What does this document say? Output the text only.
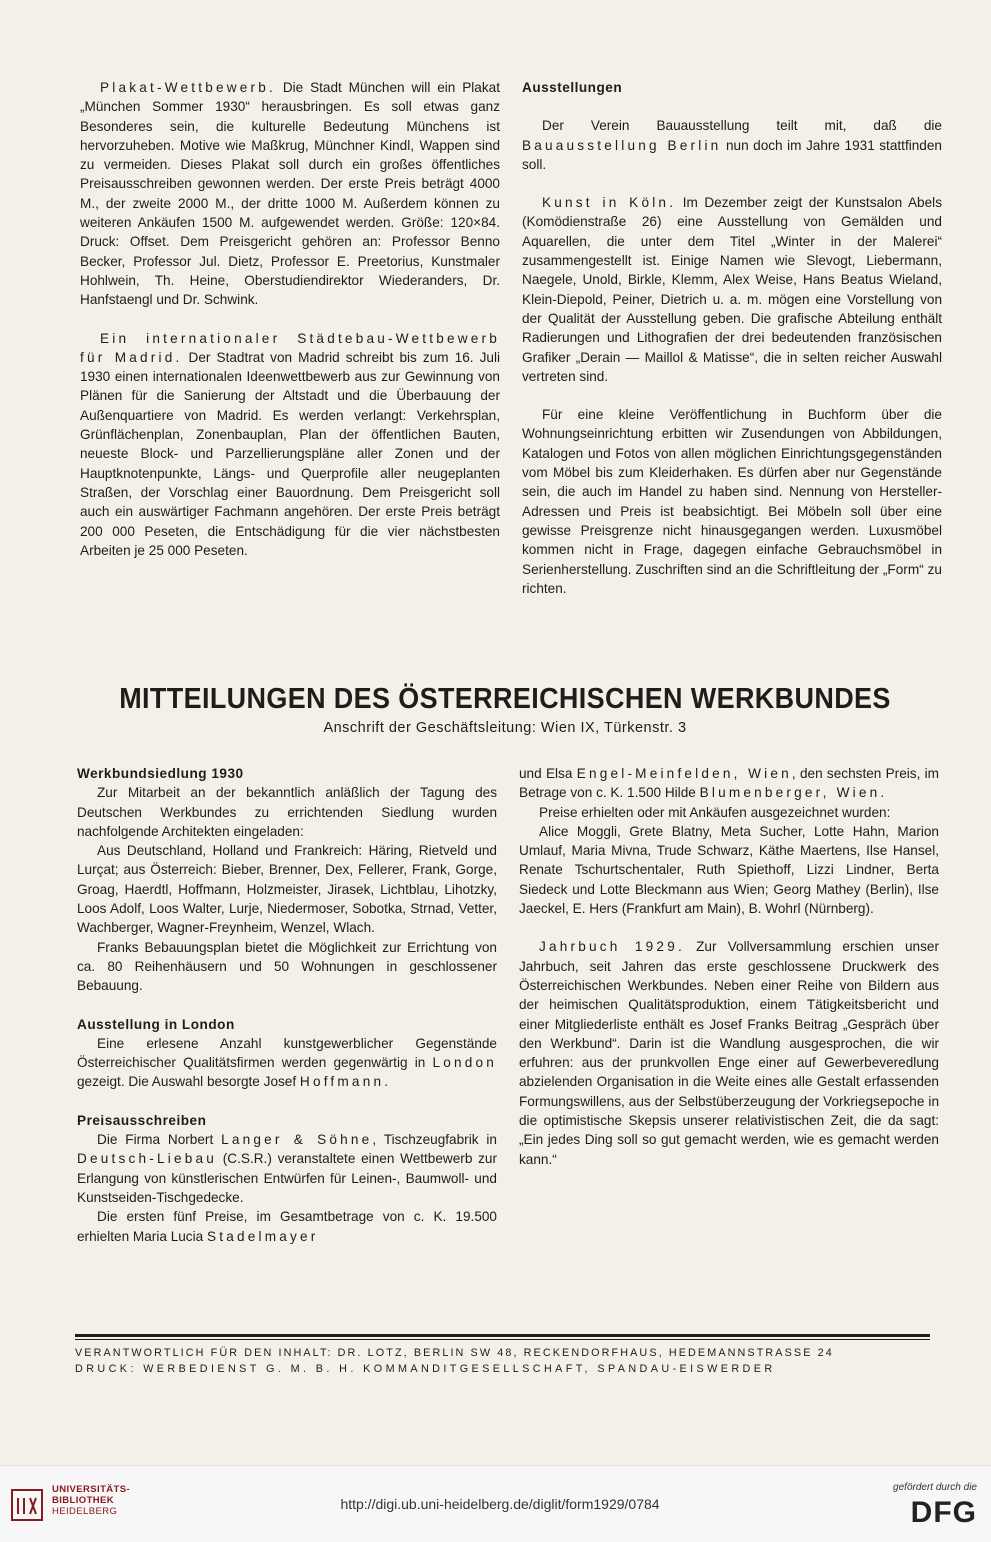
Plakat-Wettbewerb. Die Stadt München will ein Plakat „München Sommer 1930“ herausbringen. Es soll etwas ganz Besonderes sein, die kulturelle Bedeutung Münchens ist hervorzuheben. Motive wie Maßkrug, Münchner Kindl, Wappen sind zu vermeiden. Dieses Plakat soll durch ein großes öffentliches Preisausschreiben gewonnen werden. Der erste Preis beträgt 4000 M., der zweite 2000 M., der dritte 1000 M. Außerdem können zu weiteren Ankäufen 1500 M. aufgewendet werden. Größe: 120×84. Druck: Offset. Dem Preisgericht gehören an: Professor Benno Becker, Professor Jul. Dietz, Professor E. Preetorius, Kunstmaler Hohlwein, Th. Heine, Oberstudiendirektor Wiederanders, Dr. Hanfstaengl und Dr. Schwink.

Ein internationaler Städtebau-Wettbewerb für Madrid. Der Stadtrat von Madrid schreibt bis zum 16. Juli 1930 einen internationalen Ideenwettbewerb aus zur Gewinnung von Plänen für die Sanierung der Altstadt und die Überbauung der Außenquartiere von Madrid. Es werden verlangt: Verkehrsplan, Grünflächenplan, Zonenbauplan, Plan der öffentlichen Bauten, neueste Block- und Parzellierungspläne aller Zonen und der Hauptknotenpunkte, Längs- und Querprofile aller neugeplanten Straßen, der Vorschlag einer Bauordnung. Dem Preisgericht soll auch ein auswärtiger Fachmann angehören. Der erste Preis beträgt 200 000 Peseten, die Entschädigung für die vier nächstbesten Arbeiten je 25 000 Peseten.

Ausstellungen

Der Verein Bauausstellung teilt mit, daß die Bauausstellung Berlin nun doch im Jahre 1931 stattfinden soll.

Kunst in Köln. Im Dezember zeigt der Kunstsalon Abels (Komödienstraße 26) eine Ausstellung von Gemälden und Aquarellen, die unter dem Titel „Winter in der Malerei“ zusammengestellt ist. Einige Namen wie Slevogt, Liebermann, Naegele, Unold, Birkle, Klemm, Alex Weise, Hans Beatus Wieland, Klein-Diepold, Peiner, Dietrich u. a. m. mögen eine Vorstellung von der Qualität der Ausstellung geben. Die grafische Abteilung enthält Radierungen und Lithografien der drei bedeutenden französischen Grafiker „Derain — Maillol & Matisse“, die in selten reicher Auswahl vertreten sind.

Für eine kleine Veröffentlichung in Buchform über die Wohnungseinrichtung erbitten wir Zusendungen von Abbildungen, Katalogen und Fotos von allen möglichen Einrichtungsgegenständen vom Möbel bis zum Kleiderhaken. Es dürfen aber nur Gegenstände sein, die auch im Handel zu haben sind. Nennung von Hersteller-Adressen und Preis ist beabsichtigt. Bei Möbeln soll über eine gewisse Preisgrenze nicht hinausgegangen werden. Luxusmöbel kommen nicht in Frage, dagegen einfache Gebrauchsmöbel in Serienherstellung. Zuschriften sind an die Schriftleitung der „Form“ zu richten.

MITTEILUNGEN DES ÖSTERREICHISCHEN WERKBUNDES

Anschrift der Geschäftsleitung: Wien IX, Türkenstr. 3

Werkbundsiedlung 1930

Zur Mitarbeit an der bekanntlich anläßlich der Tagung des Deutschen Werkbundes zu errichtenden Siedlung wurden nachfolgende Architekten eingeladen:

Aus Deutschland, Holland und Frankreich: Häring, Rietveld und Lurçat; aus Österreich: Bieber, Brenner, Dex, Fellerer, Frank, Gorge, Groag, Haerdtl, Hoffmann, Holzmeister, Jirasek, Lichtblau, Lihotzky, Loos Adolf, Loos Walter, Lurje, Niedermoser, Sobotka, Strnad, Vetter, Wachberger, Wagner-Freynheim, Wenzel, Wlach.

Franks Bebauungsplan bietet die Möglichkeit zur Errichtung von ca. 80 Reihenhäusern und 50 Wohnungen in geschlossener Bebauung.

Ausstellung in London

Eine erlesene Anzahl kunstgewerblicher Gegenstände Österreichischer Qualitätsfirmen werden gegenwärtig in London gezeigt. Die Auswahl besorgte Josef Hoffmann.

Preisausschreiben

Die Firma Norbert Langer & Söhne, Tischzeugfabrik in Deutsch-Liebau (C.S.R.) veranstaltete einen Wettbewerb zur Erlangung von künstlerischen Entwürfen für Leinen-, Baumwoll- und Kunstseiden-Tischgedecke.

Die ersten fünf Preise, im Gesamtbetrage von c. K. 19.500 erhielten Maria Lucia Stadelmayer

und Elsa Engel-Meinfelden, Wien, den sechsten Preis, im Betrage von c. K. 1.500 Hilde Blumenberger, Wien.

Preise erhielten oder mit Ankäufen ausgezeichnet wurden:

Alice Moggli, Grete Blatny, Meta Sucher, Lotte Hahn, Marion Umlauf, Maria Mivna, Trude Schwarz, Käthe Maertens, Ilse Hansel, Renate Tschurtschentaler, Ruth Spiethoff, Lizzi Lindner, Berta Siedeck und Lotte Bleckmann aus Wien; Georg Mathey (Berlin), Ilse Jaeckel, E. Hers (Frankfurt am Main), B. Wohrl (Nürnberg).

Jahrbuch 1929. Zur Vollversammlung erschien unser Jahrbuch, seit Jahren das erste geschlossene Druckwerk des Österreichischen Werkbundes. Neben einer Reihe von Bildern aus der heimischen Qualitätsproduktion, einem Tätigkeitsbericht und einer Mitgliederliste enthält es Josef Franks Beitrag „Gespräch über den Werkbund“. Darin ist die Wandlung ausgesprochen, die wir erfuhren: aus der prunkvollen Enge einer auf Gewerbeveredlung abzielenden Organisation in die Weite eines alle Gestalt erfassenden Formungswillens, aus der Selbstüberzeugung der Vorkriegsepoche in die optimistische Skepsis unserer relativistischen Zeit, die da sagt: „Ein jedes Ding soll so gut gemacht werden, wie es gemacht werden kann.“

VERANTWORTLICH FÜR DEN INHALT: DR. LOTZ, BERLIN SW 48, RECKENDORFHAUS, HEDEMANNSTRASSE 24

DRUCK: WERBEDIENST G. M. B. H. KOMMANDITGESELLSCHAFT, SPANDAU-EISWERDER

UNIVERSITÄTS-
BIBLIOTHEK
HEIDELBERG	http://digi.ub.uni-heidelberg.de/diglit/form1929/0784
gefördert durch die
DFG
